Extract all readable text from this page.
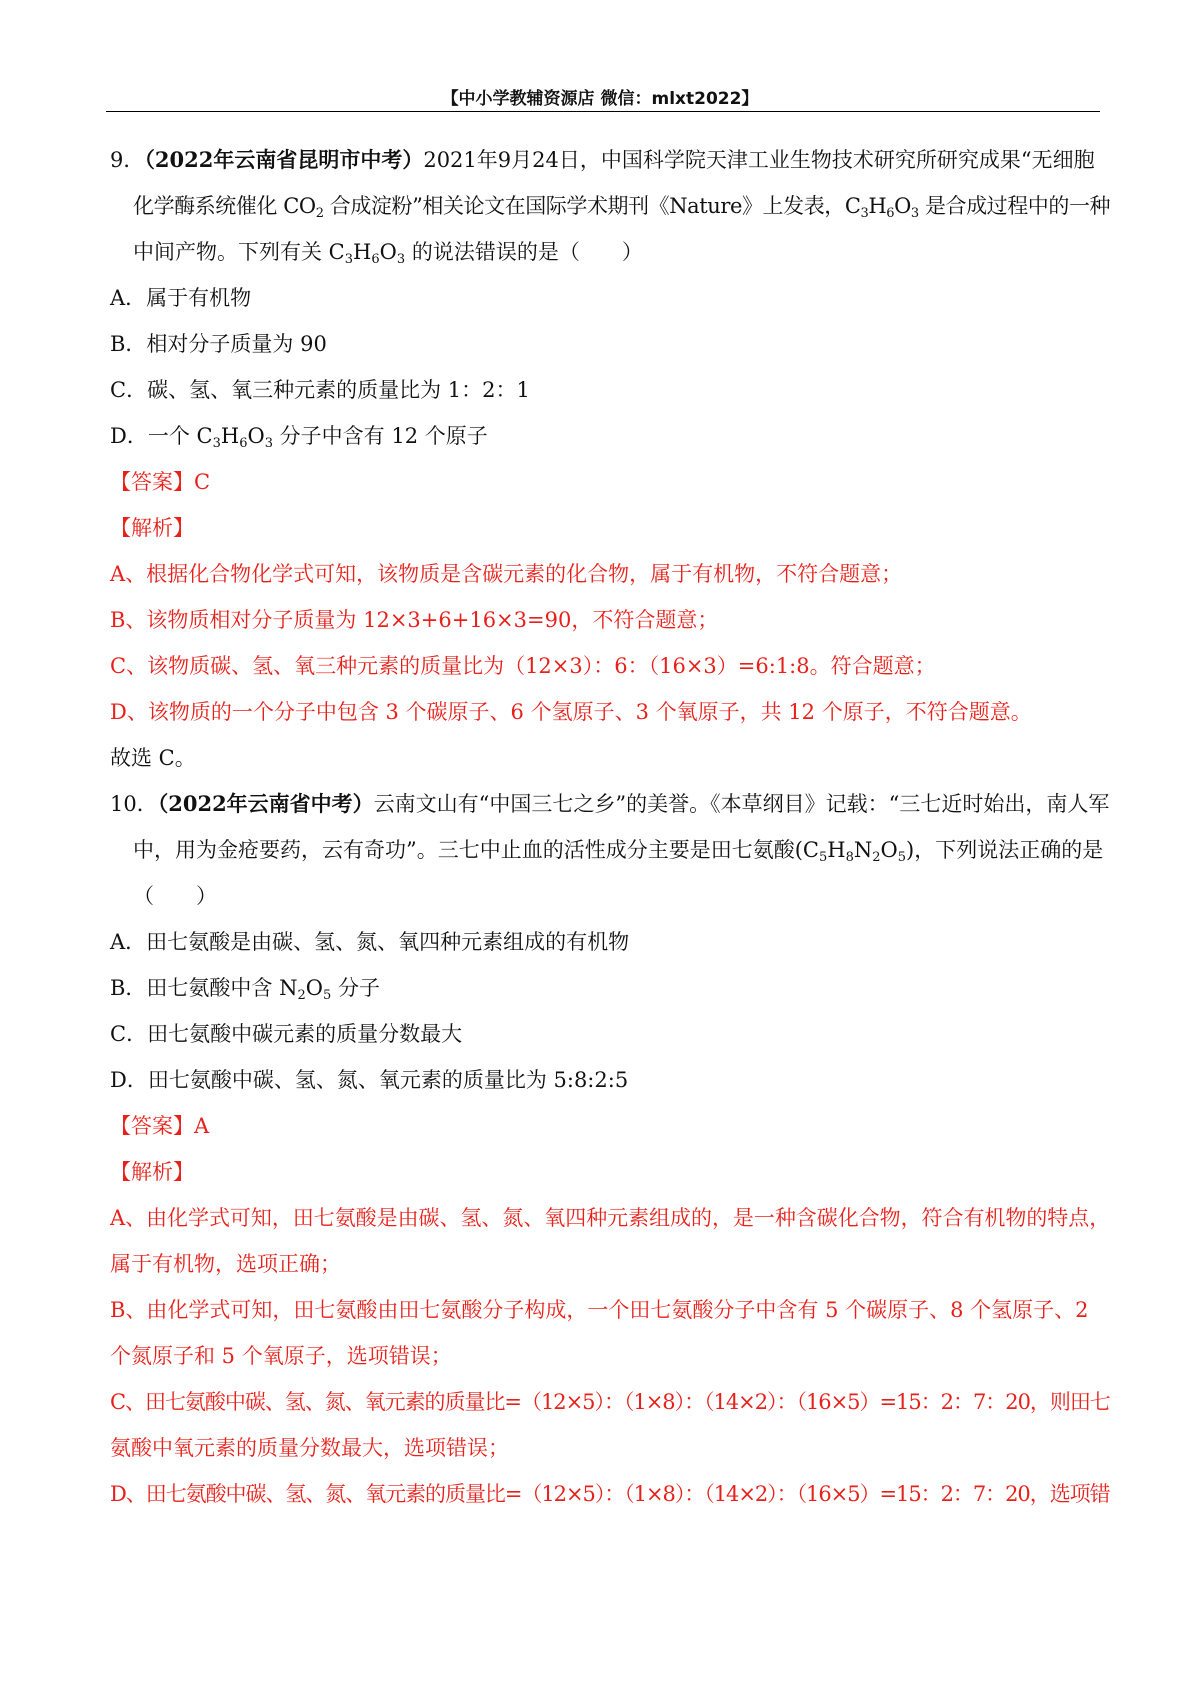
【中小学教辅资源店 微信：mlxt2022】
9．（2022年云南省昆明市中考）2021年9月24日，中国科学院天津工业生物技术研究所研究成果“无细胞
化学酶系统催化 $CO_2$ 合成淀粉”相关论文在国际学术期刊《Nature》上发表，$C_3H_6O_3$ 是合成过程中的一种
中间产物。下列有关 $C_3H_6O_3$ 的说法错误的是（　　）
A．属于有机物
B．相对分子质量为 90
C．碳、氢、氧三种元素的质量比为 1：2：1
D．一个 $C_3H_6O_3$ 分子中含有 12 个原子
【答案】C
【解析】
A、根据化合物化学式可知，该物质是含碳元素的化合物，属于有机物，不符合题意；
B、该物质相对分子质量为 12×3+6+16×3=90，不符合题意；
C、该物质碳、氢、氧三种元素的质量比为（12×3）：6：（16×3）=6:1:8。符合题意；
D、该物质的一个分子中包含 3 个碳原子、6 个氢原子、3 个氧原子，共 12 个原子，不符合题意。
故选 C。
10．（2022年云南省中考）云南文山有“中国三七之乡”的美誉。《本草纲目》记载：“三七近时始出，南人军
中，用为金疮要药，云有奇功”。三七中止血的活性成分主要是田七氨酸$(C_5H_8N_2O_5)$，下列说法正确的是
（　　）
A．田七氨酸是由碳、氢、氮、氧四种元素组成的有机物
B．田七氨酸中含 $N_2O_5$ 分子
C．田七氨酸中碳元素的质量分数最大
D．田七氨酸中碳、氢、氮、氧元素的质量比为 5:8:2:5
【答案】A
【解析】
A、由化学式可知，田七氨酸是由碳、氢、氮、氧四种元素组成的，是一种含碳化合物，符合有机物的特点，
属于有机物，选项正确；
B、由化学式可知，田七氨酸由田七氨酸分子构成，一个田七氨酸分子中含有 5 个碳原子、8 个氢原子、2
个氮原子和 5 个氧原子，选项错误；
C、田七氨酸中碳、氢、氮、氧元素的质量比=（12×5）：（1×8）：（14×2）：（16×5）=15：2：7：20，则田七
氨酸中氧元素的质量分数最大，选项错误；
D、田七氨酸中碳、氢、氮、氧元素的质量比=（12×5）：（1×8）：（14×2）：（16×5）=15：2：7：20，选项错
